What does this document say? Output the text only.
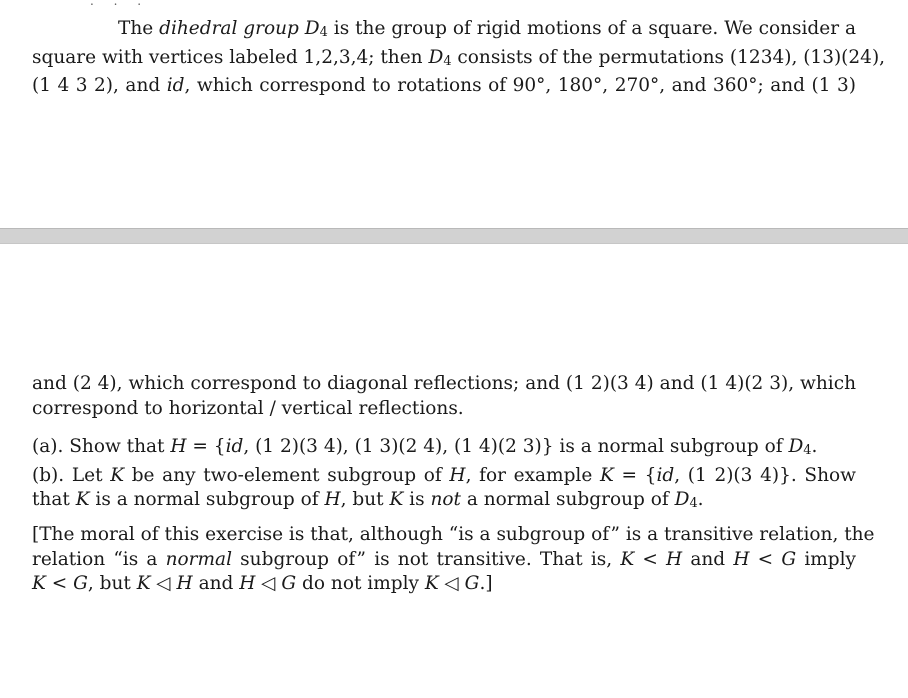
. . .
The dihedral group $D_4$ is the group of rigid motions of a square. We consider a
square with vertices labeled 1,2,3,4; then $D_4$ consists of the permutations (1234), (13)(24),
(1 4 3 2), and id, which correspond to rotations of 90°, 180°, 270°, and 360°; and (1 3)
and (2 4), which correspond to diagonal reflections; and (1 2)(3 4) and (1 4)(2 3), which
correspond to horizontal / vertical reflections.
(a). Show that H = {id, (1 2)(3 4), (1 3)(2 4), (1 4)(2 3)} is a normal subgroup of $D_4$.
(b). Let K be any two-element subgroup of H, for example K = {id, (1 2)(3 4)}. Show
that K is a normal subgroup of H, but K is not a normal subgroup of $D_4$.
[The moral of this exercise is that, although “is a subgroup of” is a transitive relation, the
relation “is a normal subgroup of” is not transitive. That is, K < H and H < G imply
K < G, but K ◁ H and H ◁ G do not imply K ◁ G.]
